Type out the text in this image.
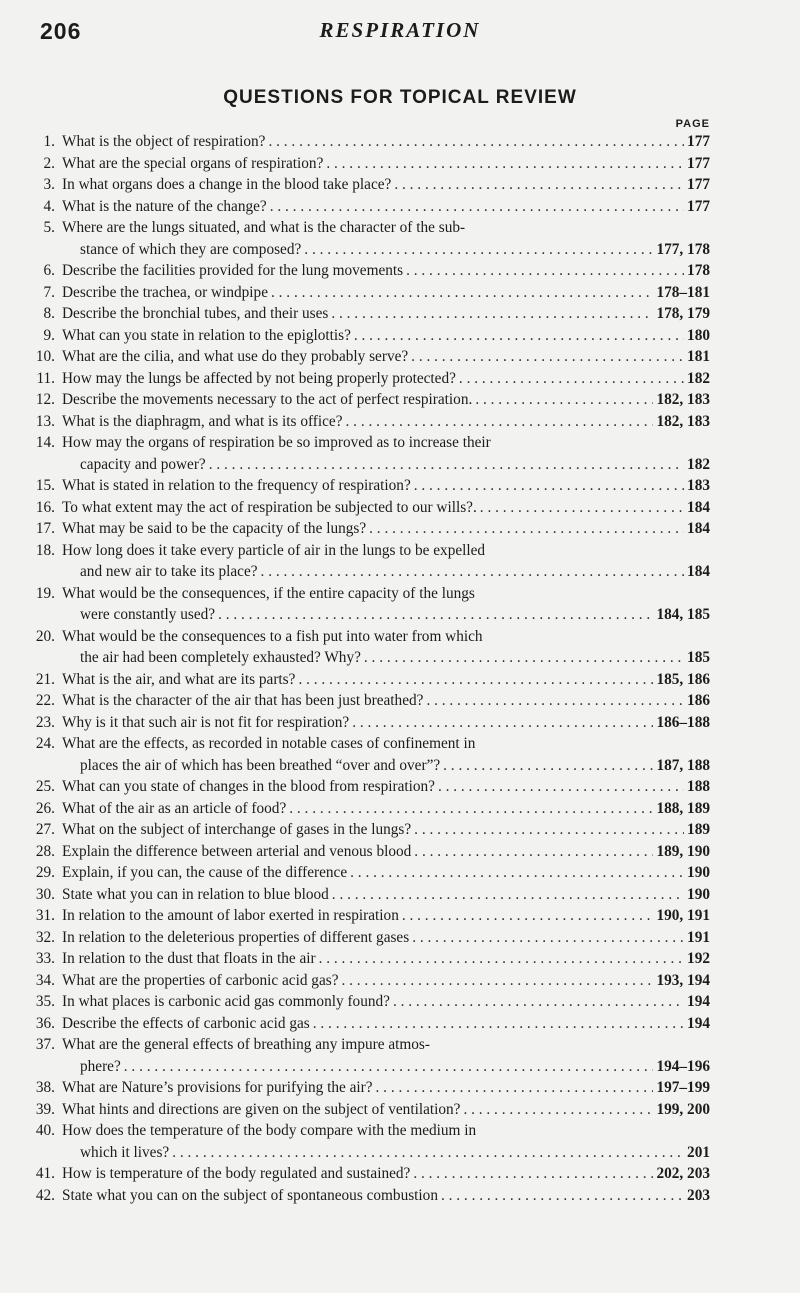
206	RESPIRATION
QUESTIONS FOR TOPICAL REVIEW
PAGE
1. What is the object of respiration? . . .	177
2. What are the special organs of respiration? . . .	177
3. In what organs does a change in the blood take place? . . .	177
4. What is the nature of the change? . . .	177
5. Where are the lungs situated, and what is the character of the sub-
stance of which they are composed? . . .	177, 178
6. Describe the facilities provided for the lung movements . . .	178
7. Describe the trachea, or windpipe . . .	178–181
8. Describe the bronchial tubes, and their uses . . .	178, 179
9. What can you state in relation to the epiglottis? . . .	180
10. What are the cilia, and what use do they probably serve? . . .	181
11. How may the lungs be affected by not being properly protected? . . .	182
12. Describe the movements necessary to the act of perfect respiration. . . .	182, 183
13. What is the diaphragm, and what is its office? . . .	182, 183
14. How may the organs of respiration be so improved as to increase their
capacity and power? . . .	182
15. What is stated in relation to the frequency of respiration? . . .	183
16. To what extent may the act of respiration be subjected to our wills?. . . .	184
17. What may be said to be the capacity of the lungs? . . .	184
18. How long does it take every particle of air in the lungs to be expelled
and new air to take its place? . . .	184
19. What would be the consequences, if the entire capacity of the lungs
were constantly used? . . .	184, 185
20. What would be the consequences to a fish put into water from which
the air had been completely exhausted? Why? . . .	185
21. What is the air, and what are its parts? . . .	185, 186
22. What is the character of the air that has been just breathed? . . .	186
23. Why is it that such air is not fit for respiration? . . .	186–188
24. What are the effects, as recorded in notable cases of confinement in
places the air of which has been breathed “over and over”? . . .	187, 188
25. What can you state of changes in the blood from respiration? . . .	188
26. What of the air as an article of food? . . .	188, 189
27. What on the subject of interchange of gases in the lungs? . . .	189
28. Explain the difference between arterial and venous blood . . .	189, 190
29. Explain, if you can, the cause of the difference . . .	190
30. State what you can in relation to blue blood . . .	190
31. In relation to the amount of labor exerted in respiration . . .	190, 191
32. In relation to the deleterious properties of different gases . . .	191
33. In relation to the dust that floats in the air . . .	192
34. What are the properties of carbonic acid gas? . . .	193, 194
35. In what places is carbonic acid gas commonly found? . . .	194
36. Describe the effects of carbonic acid gas . . .	194
37. What are the general effects of breathing any impure atmos-
phere? . . .	194–196
38. What are Nature’s provisions for purifying the air? . . .	197–199
39. What hints and directions are given on the subject of ventilation? . . .	199, 200
40. How does the temperature of the body compare with the medium in
which it lives? . . .	201
41. How is temperature of the body regulated and sustained? . . .	202, 203
42. State what you can on the subject of spontaneous combustion . . .	203
